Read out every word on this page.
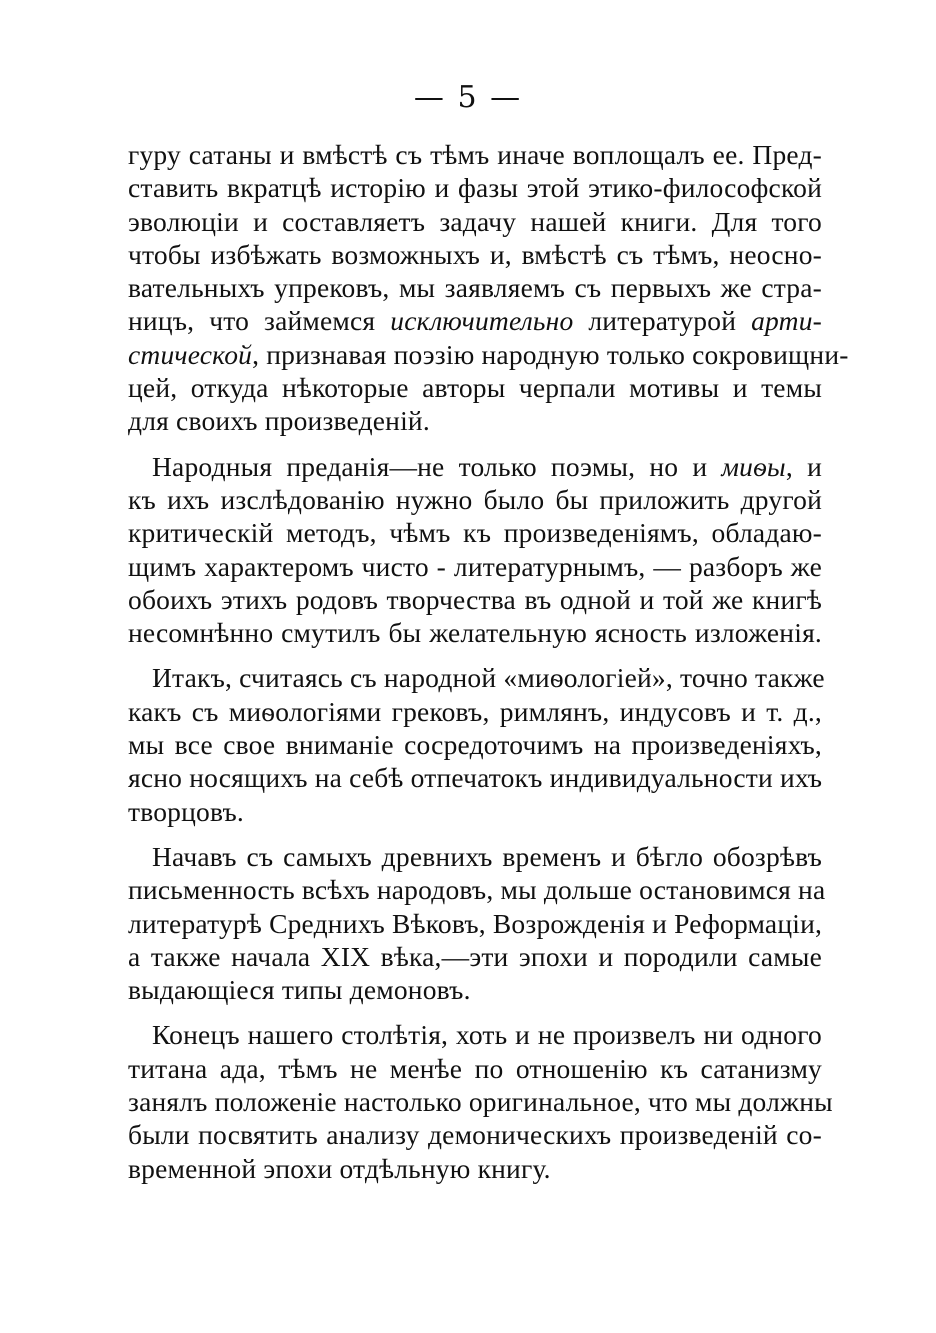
— 5 —
гуру сатаны и вмѣстѣ съ тѣмъ иначе воплощалъ ее. Пред-
ставить вкратцѣ исторію и фазы этой этико-философской
эволюціи и составляетъ задачу нашей книги. Для того
чтобы избѣжать возможныхъ и, вмѣстѣ съ тѣмъ, неосно-
вательныхъ упрековъ, мы заявляемъ съ первыхъ же стра-
ницъ, что займемся исключительно литературой арти-
стической, признавая поэзію народную только сокровищни-
цей, откуда нѣкоторые авторы черпали мотивы и темы
для своихъ произведеній.
Народныя преданія—не только поэмы, но и миѳы, и
къ ихъ изслѣдованію нужно было бы приложить другой
критическій методъ, чѣмъ къ произведеніямъ, обладаю-
щимъ характеромъ чисто - литературнымъ, — разборъ же
обоихъ этихъ родовъ творчества въ одной и той же книгѣ
несомнѣнно смутилъ бы желательную ясность изложенія.
Итакъ, считаясь съ народной «миѳологіей», точно также
какъ съ миѳологіями грековъ, римлянъ, индусовъ и т. д.,
мы все свое вниманіе сосредоточимъ на произведеніяхъ,
ясно носящихъ на себѣ отпечатокъ индивидуальности ихъ
творцовъ.
Начавъ съ самыхъ древнихъ временъ и бѣгло обозрѣвъ
письменность всѣхъ народовъ, мы дольше остановимся на
литературѣ Среднихъ Вѣковъ, Возрожденія и Реформаціи,
а также начала XIX вѣка,—эти эпохи и породили самые
выдающіеся типы демоновъ.
Конецъ нашего столѣтія, хоть и не произвелъ ни одного
титана ада, тѣмъ не менѣе по отношенію къ сатанизму
занялъ положеніе настолько оригинальное, что мы должны
были посвятить анализу демоническихъ произведеній со-
временной эпохи отдѣльную книгу.
